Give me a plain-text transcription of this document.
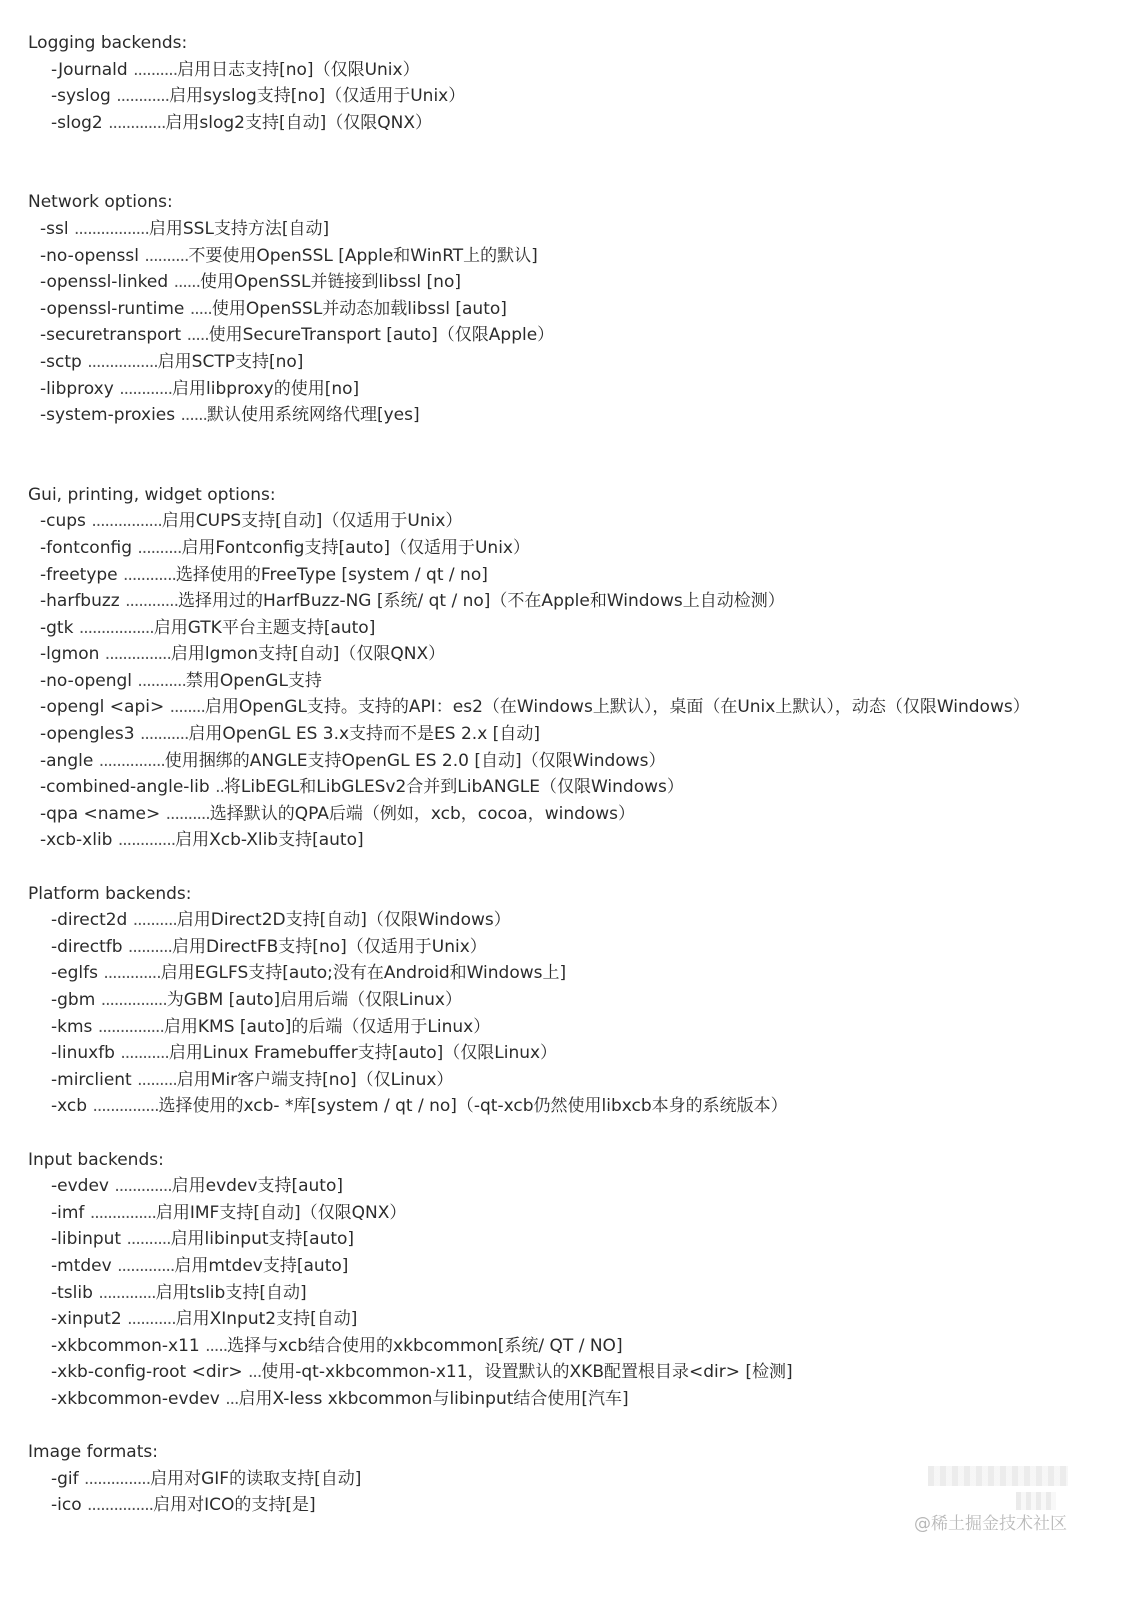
Logging backends:
-Journald ..........启用日志支持[no]（仅限Unix）
-syslog ............启用syslog支持[no]（仅适用于Unix）
-slog2 .............启用slog2支持[自动]（仅限QNX）
Network options:
-ssl .................启用SSL支持方法[自动]
-no-openssl ..........不要使用OpenSSL [Apple和WinRT上的默认]
-openssl-linked ......使用OpenSSL并链接到libssl [no]
-openssl-runtime .....使用OpenSSL并动态加载libssl [auto]
-securetransport .....使用SecureTransport [auto]（仅限Apple）
-sctp ................启用SCTP支持[no]
-libproxy ............启用libproxy的使用[no]
-system-proxies ......默认使用系统网络代理[yes]
Gui, printing, widget options:
-cups ................启用CUPS支持[自动]（仅适用于Unix）
-fontconfig ..........启用Fontconfig支持[auto]（仅适用于Unix）
-freetype ............选择使用的FreeType [system / qt / no]
-harfbuzz ............选择用过的HarfBuzz-NG [系统/ qt / no]（不在Apple和Windows上自动检测）
-gtk .................启用GTK平台主题支持[auto]
-lgmon ...............启用lgmon支持[自动]（仅限QNX）
-no-opengl ...........禁用OpenGL支持
-opengl <api> ........启用OpenGL支持。支持的API：es2（在Windows上默认），桌面（在Unix上默认），动态（仅限Windows）
-opengles3 ...........启用OpenGL ES 3.x支持而不是ES 2.x [自动]
-angle ...............使用捆绑的ANGLE支持OpenGL ES 2.0 [自动]（仅限Windows）
-combined-angle-lib ..将LibEGL和LibGLESv2合并到LibANGLE（仅限Windows）
-qpa <name> ..........选择默认的QPA后端（例如，xcb，cocoa，windows）
-xcb-xlib .............启用Xcb-Xlib支持[auto]
Platform backends:
-direct2d ..........启用Direct2D支持[自动]（仅限Windows）
-directfb ..........启用DirectFB支持[no]（仅适用于Unix）
-eglfs .............启用EGLFS支持[auto;没有在Android和Windows上]
-gbm ...............为GBM [auto]启用后端（仅限Linux）
-kms ...............启用KMS [auto]的后端（仅适用于Linux）
-linuxfb ...........启用Linux Framebuffer支持[auto]（仅限Linux）
-mirclient .........启用Mir客户端支持[no]（仅Linux）
-xcb ...............选择使用的xcb- *库[system / qt / no]（-qt-xcb仍然使用libxcb本身的系统版本）
Input backends:
-evdev .............启用evdev支持[auto]
-imf ...............启用IMF支持[自动]（仅限QNX）
-libinput ..........启用libinput支持[auto]
-mtdev .............启用mtdev支持[auto]
-tslib .............启用tslib支持[自动]
-xinput2 ...........启用XInput2支持[自动]
-xkbcommon-x11 .....选择与xcb结合使用的xkbcommon[系统/ QT / NO]
-xkb-config-root <dir> ...使用-qt-xkbcommon-x11，设置默认的XKB配置根目录<dir> [检测]
-xkbcommon-evdev ...启用X-less xkbcommon与libinput结合使用[汽车]
Image formats:
-gif ...............启用对GIF的读取支持[自动]
-ico ...............启用对ICO的支持[是]
@稀土掘金技术社区
